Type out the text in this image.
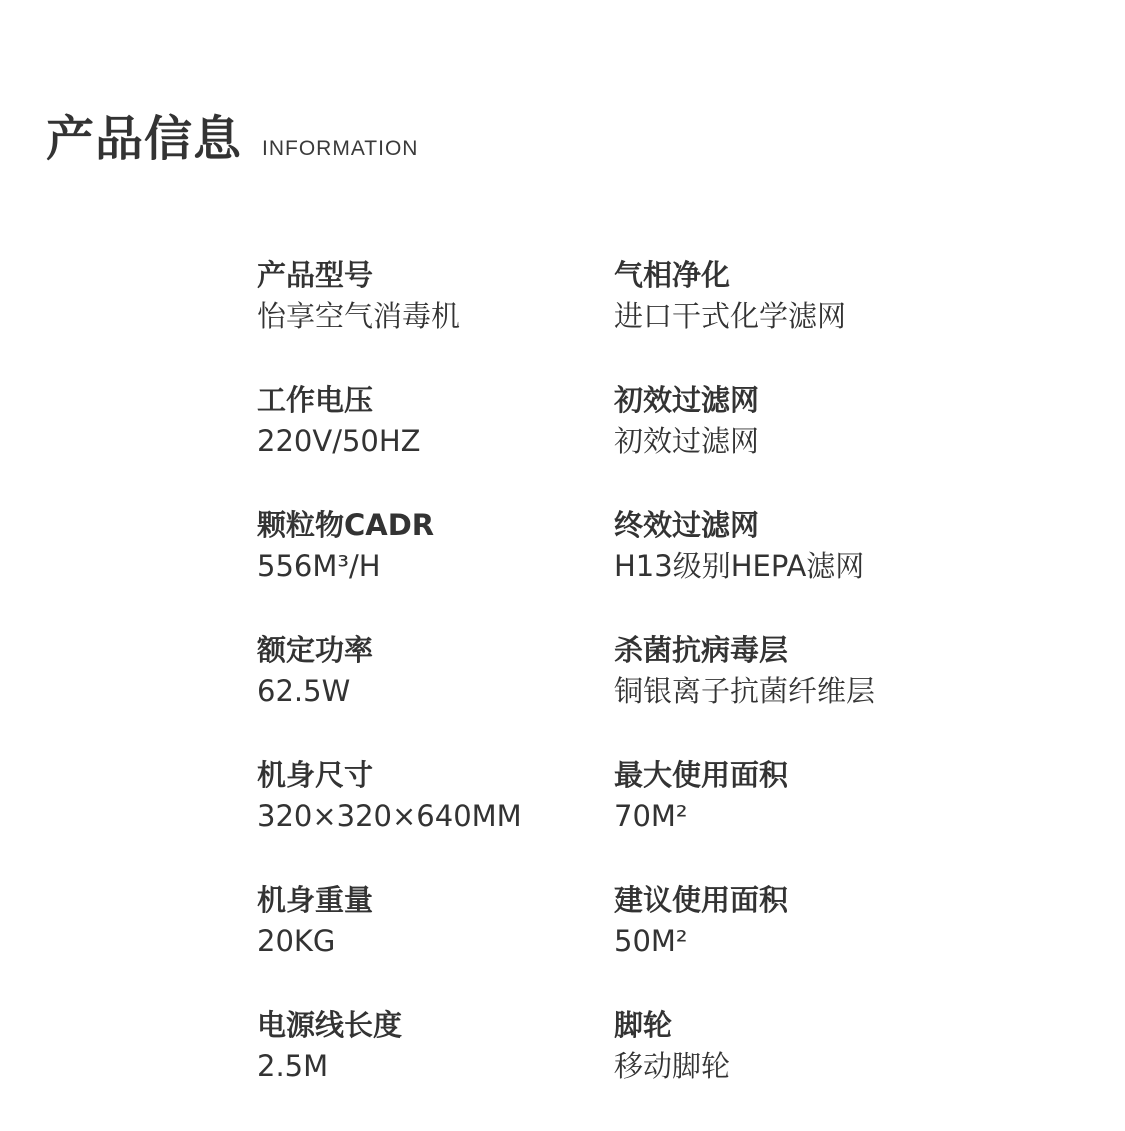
产品信息 INFORMATION
产品型号
怡享空气消毒机
气相净化
进口干式化学滤网
工作电压
220V/50HZ
初效过滤网
初效过滤网
颗粒物CADR
556M³/H
终效过滤网
H13级别HEPA滤网
额定功率
62.5W
杀菌抗病毒层
铜银离子抗菌纤维层
机身尺寸
320×320×640MM
最大使用面积
70M²
机身重量
20KG
建议使用面积
50M²
电源线长度
2.5M
脚轮
移动脚轮
